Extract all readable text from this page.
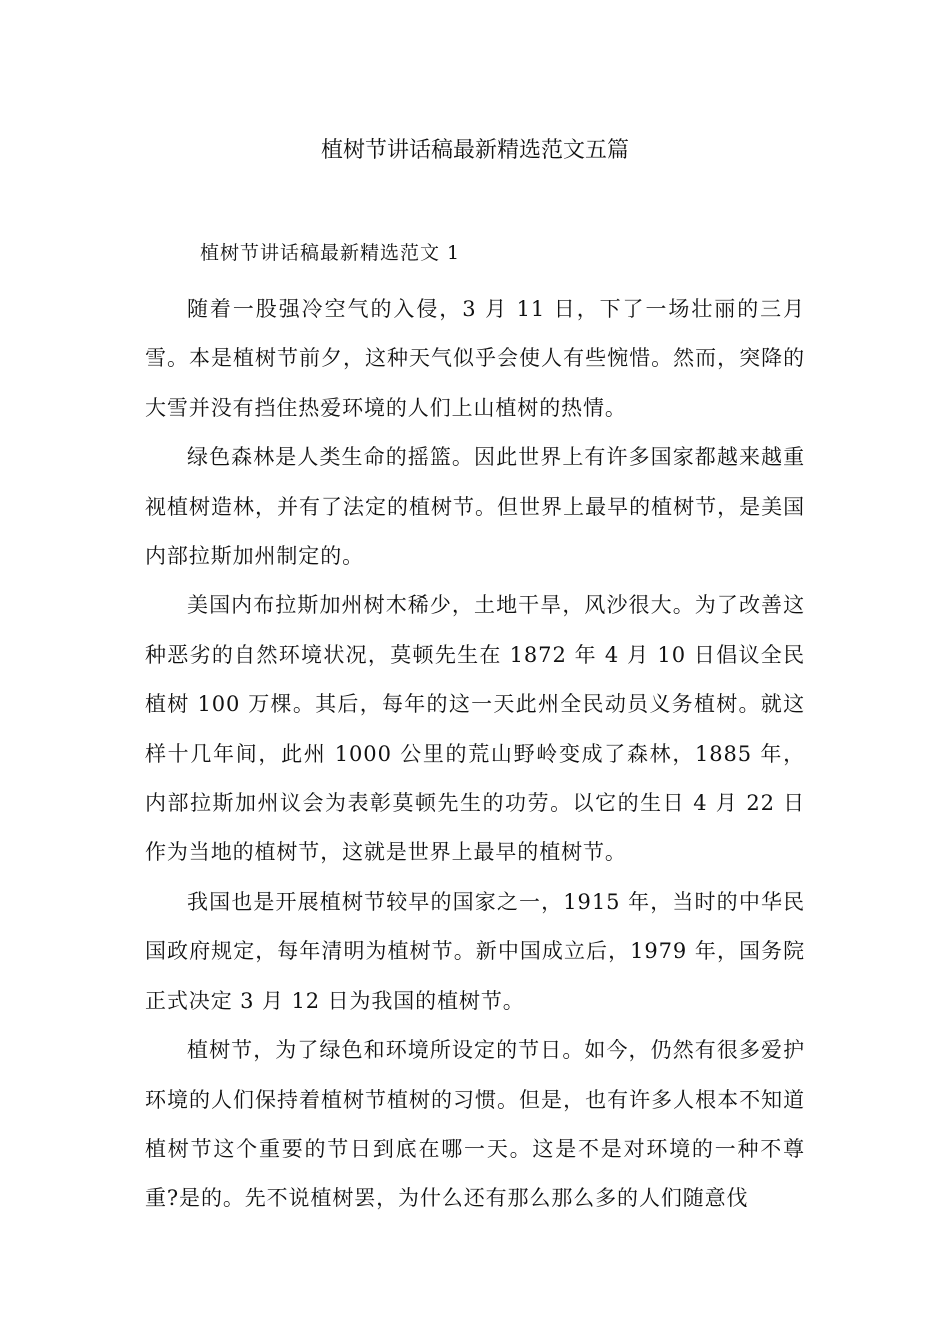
植树节讲话稿最新精选范文五篇
植树节讲话稿最新精选范文 1

随着一股强冷空气的入侵，3 月 11 日，下了一场壮丽的三月雪。本是植树节前夕，这种天气似乎会使人有些惋惜。然而，突降的大雪并没有挡住热爱环境的人们上山植树的热情。

绿色森林是人类生命的摇篮。因此世界上有许多国家都越来越重视植树造林，并有了法定的植树节。但世界上最早的植树节，是美国内部拉斯加州制定的。

美国内布拉斯加州树木稀少，土地干旱，风沙很大。为了改善这种恶劣的自然环境状况，莫顿先生在 1872 年 4 月 10 日倡议全民植树 100 万棵。其后，每年的这一天此州全民动员义务植树。就这样十几年间，此州 1000 公里的荒山野岭变成了森林，1885 年，内部拉斯加州议会为表彰莫顿先生的功劳。以它的生日 4 月 22 日作为当地的植树节，这就是世界上最早的植树节。

我国也是开展植树节较早的国家之一，1915 年，当时的中华民国政府规定，每年清明为植树节。新中国成立后，1979 年，国务院正式决定 3 月 12 日为我国的植树节。

植树节，为了绿色和环境所设定的节日。如今，仍然有很多爱护环境的人们保持着植树节植树的习惯。但是，也有许多人根本不知道植树节这个重要的节日到底在哪一天。这是不是对环境的一种不尊重?是的。先不说植树罢，为什么还有那么那么多的人们随意伐
